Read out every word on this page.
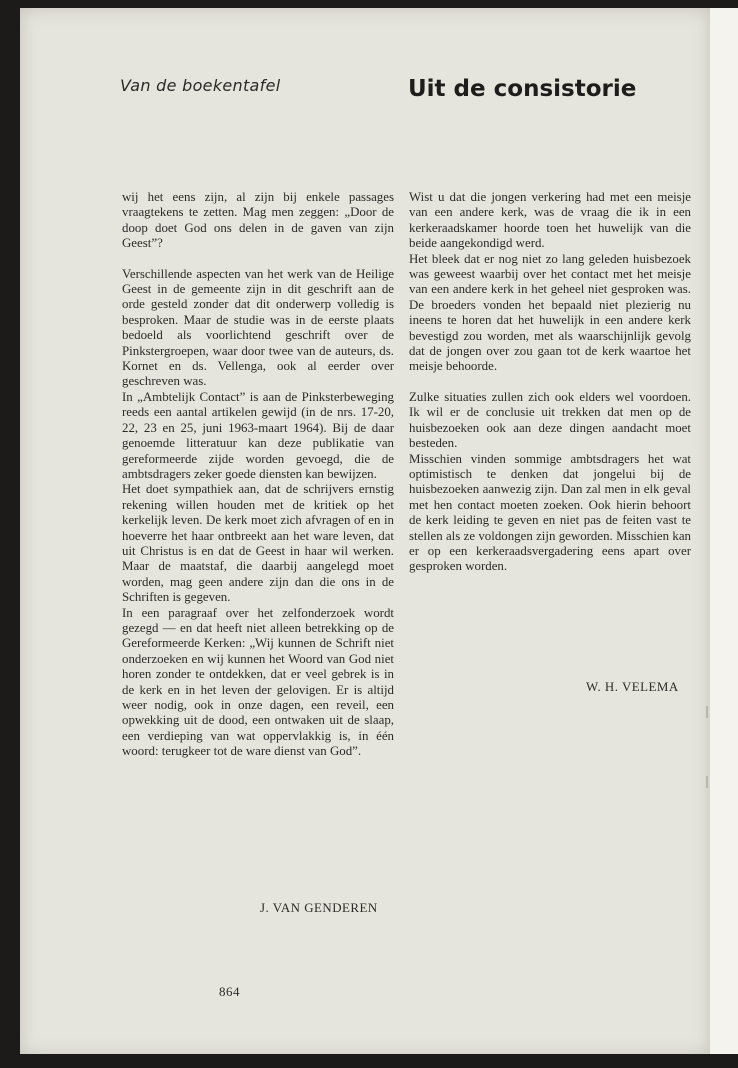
Van de boekentafel	Uit de consistorie

wij het eens zijn, al zijn bij enkele passages vraagtekens te zetten. Mag men zeggen: „Door de doop doet God ons delen in de gaven van zijn Geest”?

Verschillende aspecten van het werk van de Heilige Geest in de gemeente zijn in dit geschrift aan de orde gesteld zonder dat dit onderwerp volledig is besproken. Maar de studie was in de eerste plaats bedoeld als voorlichtend geschrift over de Pinkstergroepen, waar door twee van de auteurs, ds. Kornet en ds. Vellenga, ook al eerder over geschreven was.

In „Ambtelijk Contact” is aan de Pinksterbeweging reeds een aantal artikelen gewijd (in de nrs. 17-20, 22, 23 en 25, juni 1963-maart 1964). Bij de daar genoemde litteratuur kan deze publikatie van gereformeerde zijde worden gevoegd, die de ambtsdragers zeker goede diensten kan bewijzen.

Het doet sympathiek aan, dat de schrijvers ernstig rekening willen houden met de kritiek op het kerkelijk leven. De kerk moet zich afvragen of en in hoeverre het haar ontbreekt aan het ware leven, dat uit Christus is en dat de Geest in haar wil werken. Maar de maatstaf, die daarbij aangelegd moet worden, mag geen andere zijn dan die ons in de Schriften is gegeven.

In een paragraaf over het zelfonderzoek wordt gezegd — en dat heeft niet alleen betrekking op de Gereformeerde Kerken: „Wij kunnen de Schrift niet onderzoeken en wij kunnen het Woord van God niet horen zonder te ontdekken, dat er veel gebrek is in de kerk en in het leven der gelovigen. Er is altijd weer nodig, ook in onze dagen, een reveil, een opwekking uit de dood, een ontwaken uit de slaap, een verdieping van wat oppervlakkig is, in één woord: terugkeer tot de ware dienst van God”.

Wist u dat die jongen verkering had met een meisje van een andere kerk, was de vraag die ik in een kerkeraadskamer hoorde toen het huwelijk van die beide aangekondigd werd.

Het bleek dat er nog niet zo lang geleden huisbezoek was geweest waarbij over het contact met het meisje van een andere kerk in het geheel niet gesproken was. De broeders vonden het bepaald niet plezierig nu ineens te horen dat het huwelijk in een andere kerk bevestigd zou worden, met als waarschijnlijk gevolg dat de jongen over zou gaan tot de kerk waartoe het meisje behoorde.

Zulke situaties zullen zich ook elders wel voordoen. Ik wil er de conclusie uit trekken dat men op de huisbezoeken ook aan deze dingen aandacht moet besteden.

Misschien vinden sommige ambtsdragers het wat optimistisch te denken dat jongelui bij de huisbezoeken aanwezig zijn. Dan zal men in elk geval met hen contact moeten zoeken. Ook hierin behoort de kerk leiding te geven en niet pas de feiten vast te stellen als ze voldongen zijn geworden. Misschien kan er op een kerkeraadsvergadering eens apart over gesproken worden.

J. VAN GENDEREN
W. H. VELEMA
864
